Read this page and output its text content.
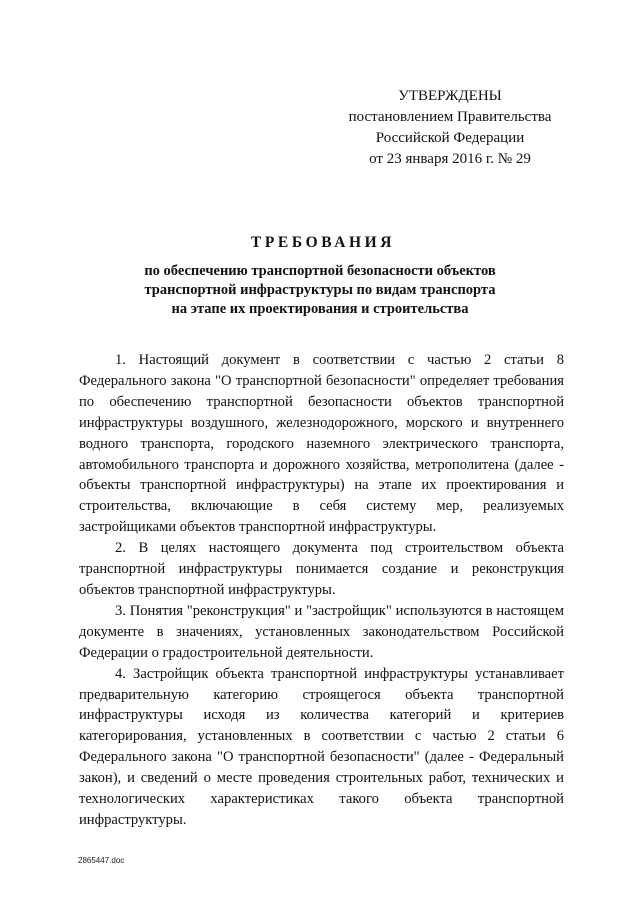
УТВЕРЖДЕНЫ
постановлением Правительства
Российской Федерации
от 23 января 2016 г. № 29
ТРЕБОВАНИЯ
по обеспечению транспортной безопасности объектов
транспортной инфраструктуры по видам транспорта
на этапе их проектирования и строительства

1. Настоящий документ в соответствии с частью 2 статьи 8 Федерального закона "О транспортной безопасности" определяет требования по обеспечению транспортной безопасности объектов транспортной инфраструктуры воздушного, железнодорожного, морского и внутреннего водного транспорта, городского наземного электрического транспорта, автомобильного транспорта и дорожного хозяйства, метрополитена (далее - объекты транспортной инфраструктуры) на этапе их проектирования и строительства, включающие в себя систему мер, реализуемых застройщиками объектов транспортной инфраструктуры.

2. В целях настоящего документа под строительством объекта транспортной инфраструктуры понимается создание и реконструкция объектов транспортной инфраструктуры.

3. Понятия "реконструкция" и "застройщик" используются в настоящем документе в значениях, установленных законодательством Российской Федерации о градостроительной деятельности.

4. Застройщик объекта транспортной инфраструктуры устанавливает предварительную категорию строящегося объекта транспортной инфраструктуры исходя из количества категорий и критериев категорирования, установленных в соответствии с частью 2 статьи 6 Федерального закона "О транспортной безопасности" (далее - Федеральный закон), и сведений о месте проведения строительных работ, технических и технологических характеристиках такого объекта транспортной инфраструктуры.

2865447.doc
